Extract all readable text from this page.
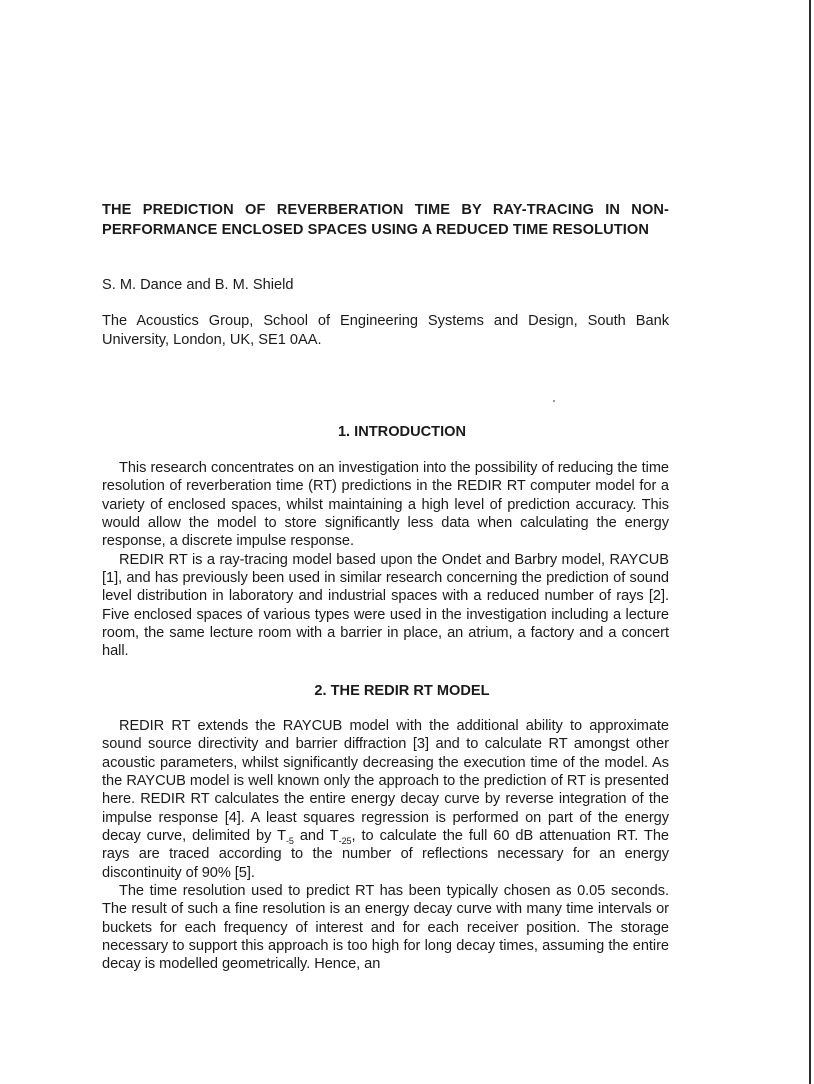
THE PREDICTION OF REVERBERATION TIME BY RAY-TRACING IN NON-PERFORMANCE ENCLOSED SPACES USING A REDUCED TIME RESOLUTION
S. M. Dance and B. M. Shield
The Acoustics Group, School of Engineering Systems and Design, South Bank University, London, UK, SE1 0AA.
1. INTRODUCTION

This research concentrates on an investigation into the possibility of reducing the time resolution of reverberation time (RT) predictions in the REDIR RT computer model for a variety of enclosed spaces, whilst maintaining a high level of prediction accuracy. This would allow the model to store significantly less data when calculating the energy response, a discrete impulse response.

REDIR RT is a ray-tracing model based upon the Ondet and Barbry model, RAYCUB [1], and has previously been used in similar research concerning the prediction of sound level distribution in laboratory and industrial spaces with a reduced number of rays [2]. Five enclosed spaces of various types were used in the investigation including a lecture room, the same lecture room with a barrier in place, an atrium, a factory and a concert hall.

2. THE REDIR RT MODEL

REDIR RT extends the RAYCUB model with the additional ability to approximate sound source directivity and barrier diffraction [3] and to calculate RT amongst other acoustic parameters, whilst significantly decreasing the execution time of the model. As the RAYCUB model is well known only the approach to the prediction of RT is presented here. REDIR RT calculates the entire energy decay curve by reverse integration of the impulse response [4]. A least squares regression is performed on part of the energy decay curve, delimited by $T_{-5}$ and $T_{-25}$, to calculate the full 60 dB attenuation RT. The rays are traced according to the number of reflections necessary for an energy discontinuity of 90% [5].

The time resolution used to predict RT has been typically chosen as 0.05 seconds. The result of such a fine resolution is an energy decay curve with many time intervals or buckets for each frequency of interest and for each receiver position. The storage necessary to support this approach is too high for long decay times, assuming the entire decay is modelled geometrically. Hence, an
